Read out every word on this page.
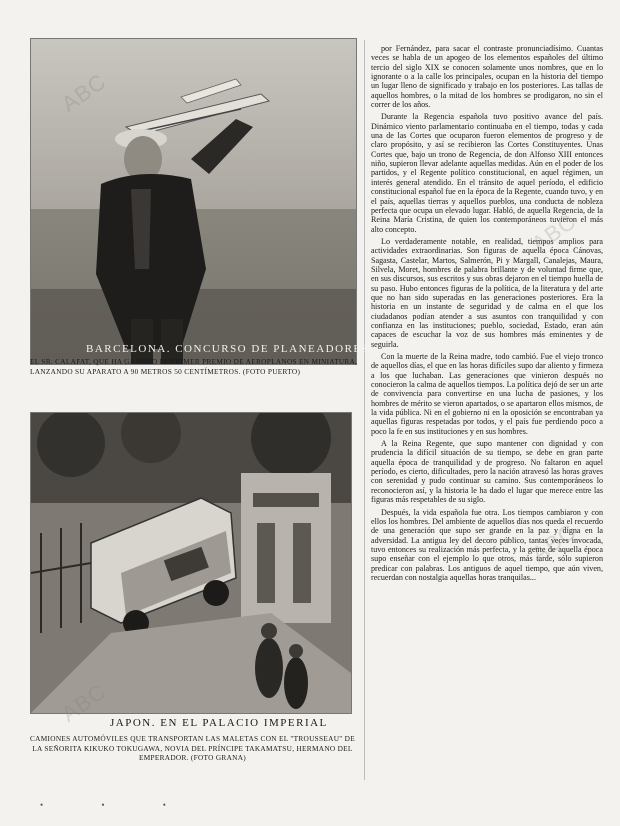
BARCELONA. CONCURSO DE PLANEADORES
EL SR. CALAFAT, QUE HA GANADO EL PRIMER PREMIO DE AEROPLANOS EN MINIATURA, LANZANDO SU APARATO A 90 METROS 50 CENTÍMETROS. (FOTO PUERTO)
JAPON. EN EL PALACIO IMPERIAL
CAMIONES AUTOMÓVILES QUE TRANSPORTAN LAS MALETAS CON EL "TROUSSEAU" DE LA SEÑORITA KIKUKO TOKUGAWA, NOVIA DEL PRÍNCIPE TAKAMATSU, HERMANO DEL EMPERADOR. (FOTO GRANA)

por Fernández, para sacar el contraste pronunciadísimo. Cuantas veces se habla de un apogeo de los elementos españoles del último tercio del siglo XIX se conocen solamente unos nombres, que en lo ignorante o a la calle los principales, ocupan en la historia del tiempo un lugar lleno de significado y trabajo en los posteriores. Las tallas de aquellos hombres, o la mitad de los hombres se prodigaron, no sin el correr de los años.

Durante la Regencia española tuvo positivo avance del país. Dinámico viento parlamentario continuaba en el tiempo, todas y cada una de las Cortes que ocuparon fueron elementos de progreso y de claro propósito, y así se recibieron las Cortes Constituyentes. Unas Cortes que, bajo un trono de Regencia, de don Alfonso XIII entonces niño, supieron llevar adelante aquellas medidas. Aún en el poder de los partidos, y el Regente político constitucional, en aquel régimen, un interés general atendido. En el tránsito de aquel período, el edificio constitucional español fue en la época de la Regente, cuando tuvo, y en el país, aquellas tierras y aquellos pueblos, una conducta de nobleza perfecta que ocupa un elevado lugar. Habló, de aquella Regencia, de la Reina María Cristina, de quien los contemporáneos tuvieron el más alto concepto.

Lo verdaderamente notable, en realidad, tiempos amplios para actividades extraordinarias. Son figuras de aquella época Cánovas, Sagasta, Castelar, Martos, Salmerón, Pi y Margall, Canalejas, Maura, Silvela, Moret, hombres de palabra brillante y de voluntad firme que, en sus discursos, sus escritos y sus obras dejaron en el tiempo huella de su paso. Hubo entonces figuras de la política, de la literatura y del arte que no han sido superadas en las generaciones posteriores. Era la historia en un instante de seguridad y de calma en el que los ciudadanos podían atender a sus asuntos con tranquilidad y con confianza en las instituciones; pueblo, sociedad, Estado, eran aún capaces de escuchar la voz de sus hombres más eminentes y de seguirla.

Con la muerte de la Reina madre, todo cambió. Fue el viejo tronco de aquellos días, el que en las horas difíciles supo dar aliento y firmeza a los que luchaban. Las generaciones que vinieron después no conocieron la calma de aquellos tiempos. La política dejó de ser un arte de convivencia para convertirse en una lucha de pasiones, y los hombres de mérito se vieron apartados, o se apartaron ellos mismos, de la vida pública. Ni en el gobierno ni en la oposición se encontraban ya aquellas figuras respetadas por todos, y el país fue perdiendo poco a poco la fe en sus instituciones y en sus hombres.

A la Reina Regente, que supo mantener con dignidad y con prudencia la difícil situación de su tiempo, se debe en gran parte aquella época de tranquilidad y de progreso. No faltaron en aquel período, es cierto, dificultades, pero la nación atravesó las horas graves con serenidad y pudo continuar su camino. Sus contemporáneos lo reconocieron así, y la historia le ha dado el lugar que merece entre las figuras más respetables de su siglo.

Después, la vida española fue otra. Los tiempos cambiaron y con ellos los hombres. Del ambiente de aquellos días nos queda el recuerdo de una generación que supo ser grande en la paz y digna en la adversidad. La antigua ley del decoro público, tantas veces invocada, tuvo entonces su realización más perfecta, y la gente de aquella época supo enseñar con el ejemplo lo que otros, más tarde, sólo supieron predicar con palabras. Los antiguos de aquel tiempo, que aún viven, recuerdan con nostalgia aquellas horas tranquilas...

ABC
ABC
ABC
ABC
• • •
